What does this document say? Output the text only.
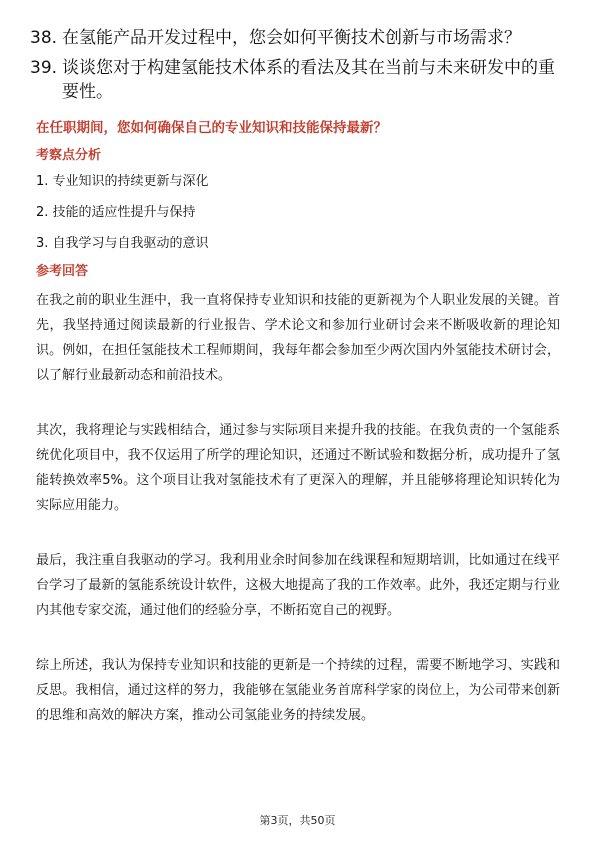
38. 在氢能产品开发过程中，您会如何平衡技术创新与市场需求？
39. 谈谈您对于构建氢能技术体系的看法及其在当前与未来研发中的重要性。
在任职期间，您如何确保自己的专业知识和技能保持最新？
考察点分析
1. 专业知识的持续更新与深化
2. 技能的适应性提升与保持
3. 自我学习与自我驱动的意识
参考回答

在我之前的职业生涯中，我一直将保持专业知识和技能的更新视为个人职业发展的关键。首先，我坚持通过阅读最新的行业报告、学术论文和参加行业研讨会来不断吸收新的理论知识。例如，在担任氢能技术工程师期间，我每年都会参加至少两次国内外氢能技术研讨会，以了解行业最新动态和前沿技术。

其次，我将理论与实践相结合，通过参与实际项目来提升我的技能。在我负责的一个氢能系统优化项目中，我不仅运用了所学的理论知识，还通过不断试验和数据分析，成功提升了氢能转换效率5%。这个项目让我对氢能技术有了更深入的理解，并且能够将理论知识转化为实际应用能力。

最后，我注重自我驱动的学习。我利用业余时间参加在线课程和短期培训，比如通过在线平台学习了最新的氢能系统设计软件，这极大地提高了我的工作效率。此外，我还定期与行业内其他专家交流，通过他们的经验分享，不断拓宽自己的视野。

综上所述，我认为保持专业知识和技能的更新是一个持续的过程，需要不断地学习、实践和反思。我相信，通过这样的努力，我能够在氢能业务首席科学家的岗位上，为公司带来创新的思维和高效的解决方案，推动公司氢能业务的持续发展。

第3页，共50页
